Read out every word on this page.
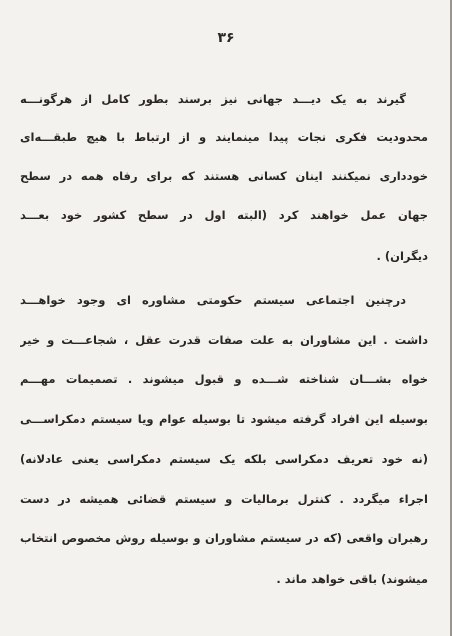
۳۶
گیرند به یک دیـــد جهانی نیز برسند بطور کامل از هرگونـــه
محدودیت فکری نجات پیدا مینمایند و از ارتباط با هیچ طبقـــه‌ای
خودداری نمیکنند اینان کسانی هستند که برای رفاه همه در سطح
جهان عمل خواهند کرد (البته اول در سطح کشور خود بعـــد
دیگران) .
درچنین اجتماعی سیستم حکومتی مشاوره ای وجود خواهـــد
داشت . این مشاوران به علت صفات قدرت عقل ، شجاعـــت و خیر
خواه بشـــان شناخته شـــده و قبول میشوند . تصمیمات مهـــم
بوسیله این افراد گرفته میشود تا بوسیله عوام ویا سیستم دمکراســـی
(نه خود تعریف دمکراسی بلکه یک سیستم دمکراسی یعنی عادلانه)
اجراء میگردد . کنترل برمالیات و سیستم قضائی همیشه در دست
رهبران واقعی (که در سیستم مشاوران و بوسیله روش مخصوص انتخاب
میشوند) باقی خواهد ماند .
